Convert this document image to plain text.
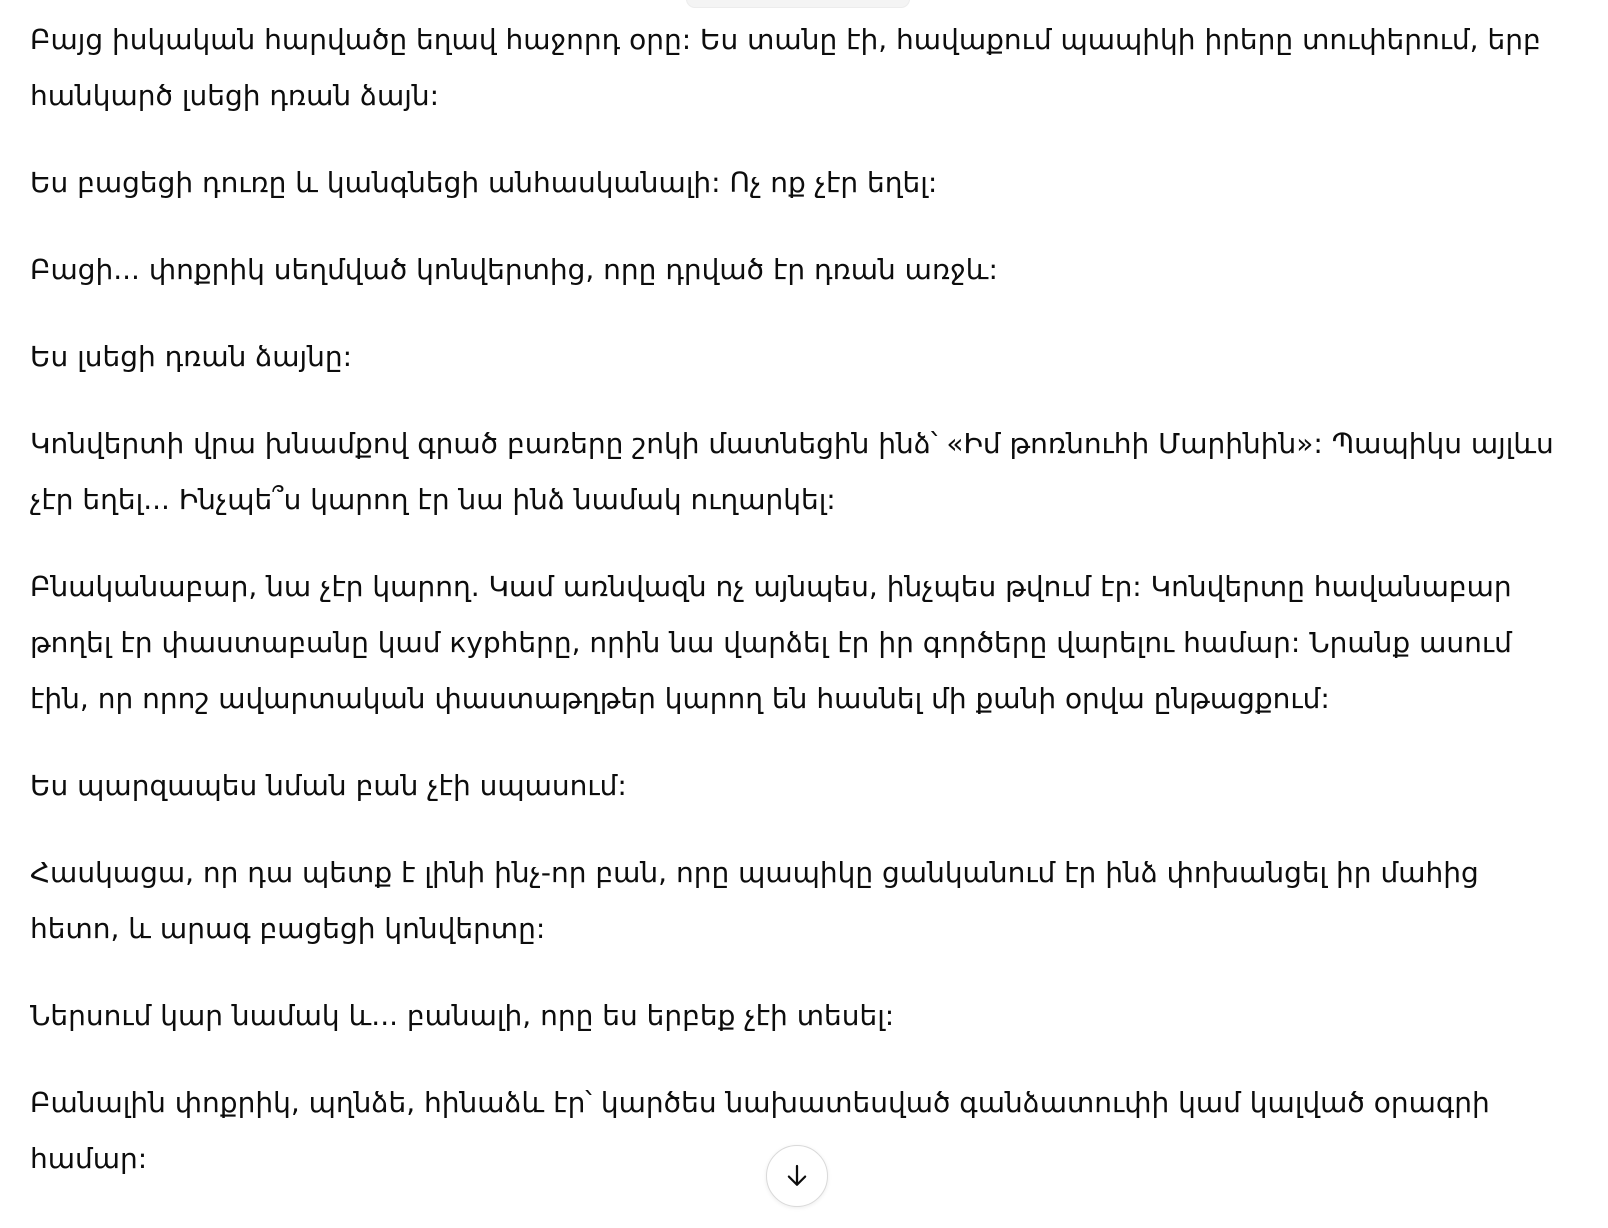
Բայց իսկական հարվածը եղավ հաջորդ օրը: Ես տանը էի, հավաքում պապիկի իրերը տուփերում, երբ հանկարծ լսեցի դռան ձայն:

Ես բացեցի դուռը և կանգնեցի անհասկանալի: Ոչ ոք չէր եղել:

Բացի... փոքրիկ սեղմված կոնվերտից, որը դրված էր դռան առջև:

Ես լսեցի դռան ձայնը:

Կոնվերտի վրա խնամքով գրած բառերը շոկի մատնեցին ինձ՝ «Իմ թոռնուհի Մարինին»: Պապիկս այլևս չէր եղել... Ինչպե՞ս կարող էր նա ինձ նամակ ուղարկել:

Բնականաբար, նա չէր կարող. Կամ առնվազն ոչ այնպես, ինչպես թվում էր: Կոնվերտը հավանաբար թողել էր փաստաբանը կամ кypհերը, որին նա վարձել էր իր գործերը վարելու համար: Նրանք ասում էին, որ որոշ ավարտական փաստաթղթեր կարող են հասնել մի քանի օրվա ընթացքում:

Ես պարզապես նման բան չէի սպասում:

Հասկացա, որ դա պետք է լինի ինչ-որ բան, որը պապիկը ցանկանում էր ինձ փոխանցել իր մահից հետո, և արագ բացեցի կոնվերտը:

Ներսում կար նամակ և... բանալի, որը ես երբեք չէի տեսել:

Բանալին փոքրիկ, պղնձե, հինաձև էր՝ կարծես նախատեսված գանձատուփի կամ կալված օրագրի համար:
